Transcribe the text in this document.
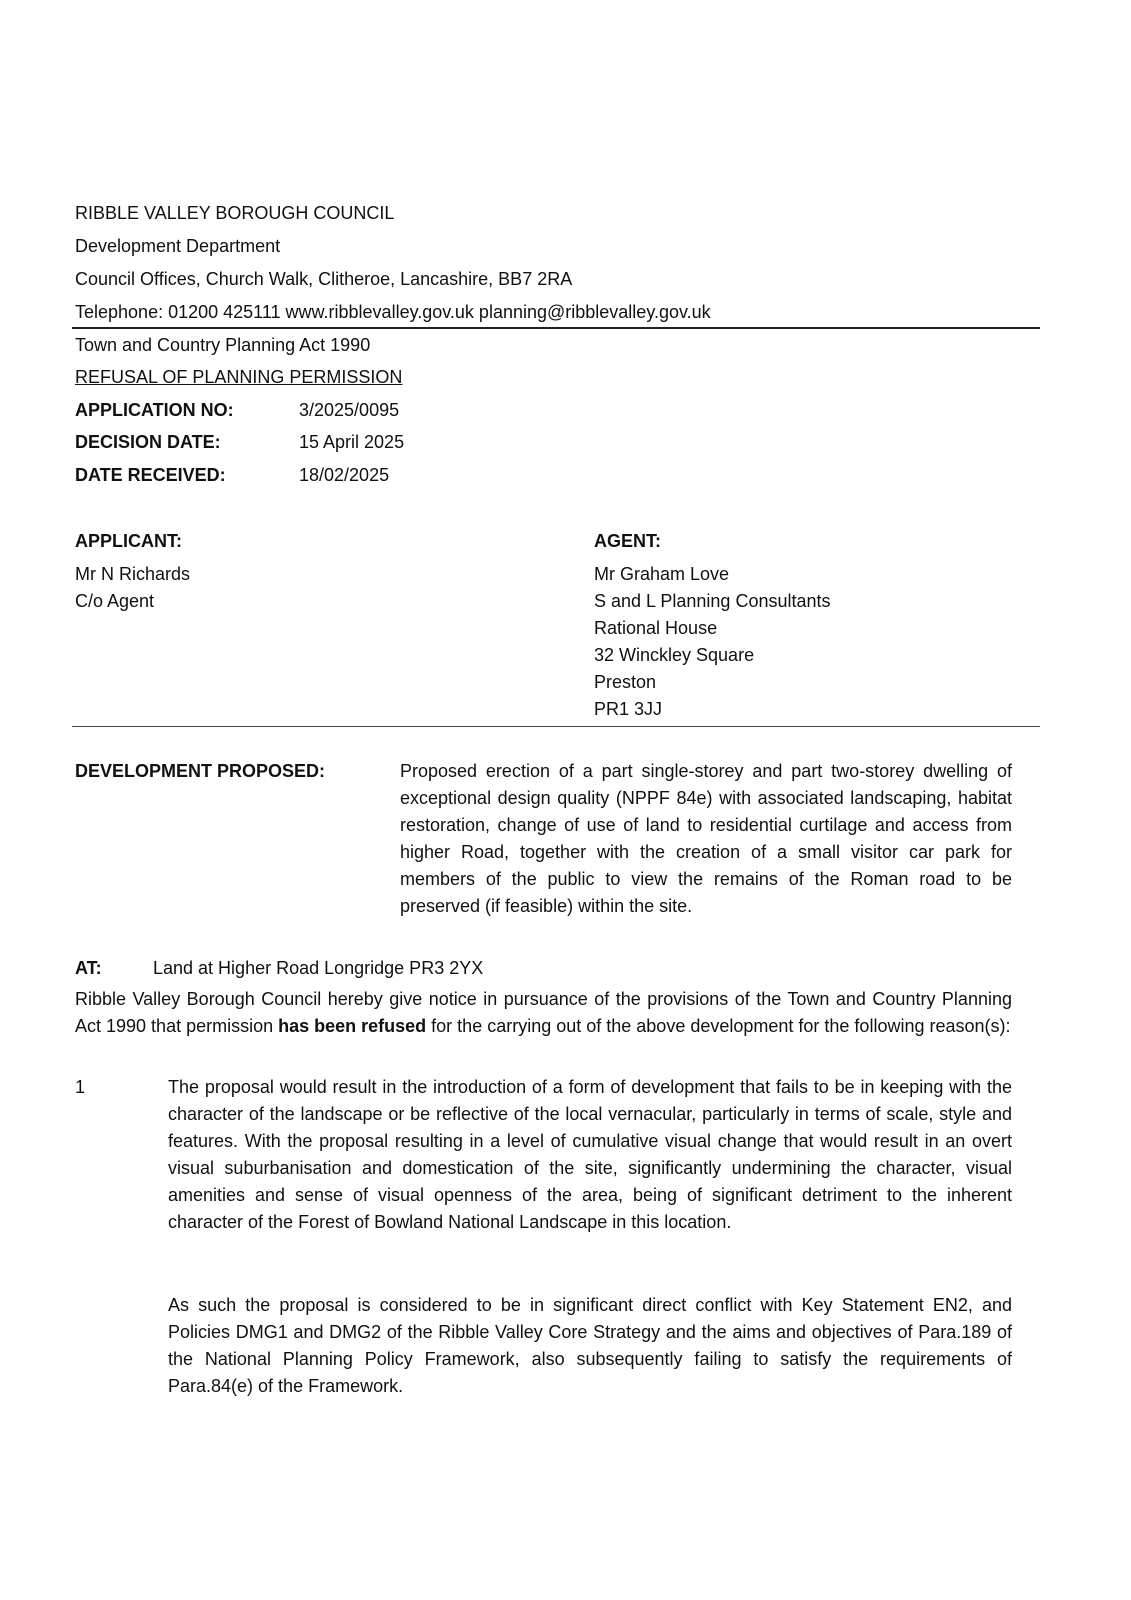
RIBBLE VALLEY BOROUGH COUNCIL
Development Department
Council Offices, Church Walk, Clitheroe, Lancashire, BB7 2RA
Telephone: 01200 425111 www.ribblevalley.gov.uk planning@ribblevalley.gov.uk
Town and Country Planning Act 1990
REFUSAL OF PLANNING PERMISSION
APPLICATION NO:	3/2025/0095
DECISION DATE:	15 April 2025
DATE RECEIVED:	18/02/2025
APPLICANT:
Mr N Richards
C/o Agent
AGENT:
Mr Graham Love
S and L Planning Consultants
Rational House
32 Winckley Square
Preston
PR1 3JJ
DEVELOPMENT PROPOSED:	Proposed erection of a part single-storey and part two-storey dwelling of exceptional design quality (NPPF 84e) with associated landscaping, habitat restoration, change of use of land to residential curtilage and access from higher Road, together with the creation of a small visitor car park for members of the public to view the remains of the Roman road to be preserved (if feasible) within the site.
AT:	Land at Higher Road Longridge PR3 2YX
Ribble Valley Borough Council hereby give notice in pursuance of the provisions of the Town and Country Planning Act 1990 that permission has been refused for the carrying out of the above development for the following reason(s):
1	The proposal would result in the introduction of a form of development that fails to be in keeping with the character of the landscape or be reflective of the local vernacular, particularly in terms of scale, style and features. With the proposal resulting in a level of cumulative visual change that would result in an overt visual suburbanisation and domestication of the site, significantly undermining the character, visual amenities and sense of visual openness of the area, being of significant detriment to the inherent character of the Forest of Bowland National Landscape in this location.
As such the proposal is considered to be in significant direct conflict with Key Statement EN2, and Policies DMG1 and DMG2 of the Ribble Valley Core Strategy and the aims and objectives of Para.189 of the National Planning Policy Framework, also subsequently failing to satisfy the requirements of Para.84(e) of the Framework.
